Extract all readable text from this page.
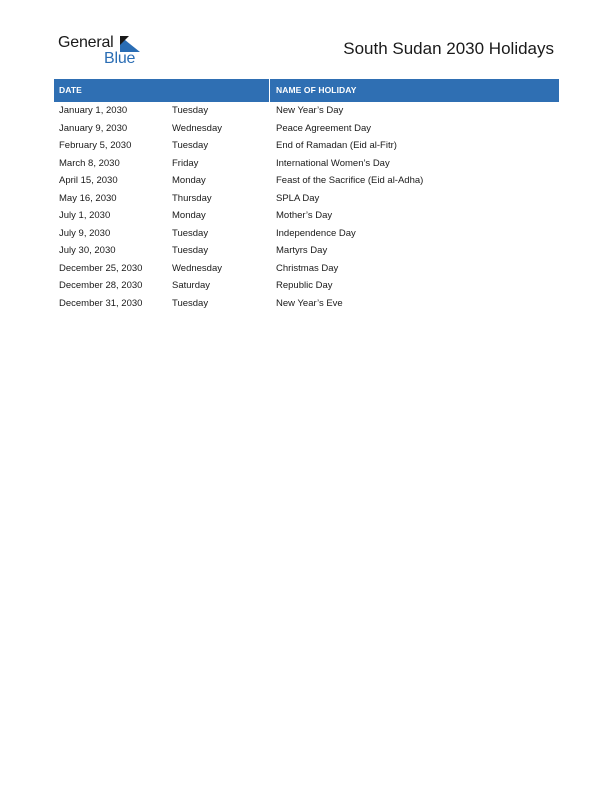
General
Blue
South Sudan 2030 Holidays
DATE	NAME OF HOLIDAY
January 1, 2030	Tuesday	New Year’s Day
January 9, 2030	Wednesday	Peace Agreement Day
February 5, 2030	Tuesday	End of Ramadan (Eid al-Fitr)
March 8, 2030	Friday	International Women’s Day
April 15, 2030	Monday	Feast of the Sacrifice (Eid al-Adha)
May 16, 2030	Thursday	SPLA Day
July 1, 2030	Monday	Mother’s Day
July 9, 2030	Tuesday	Independence Day
July 30, 2030	Tuesday	Martyrs Day
December 25, 2030	Wednesday	Christmas Day
December 28, 2030	Saturday	Republic Day
December 31, 2030	Tuesday	New Year’s Eve
